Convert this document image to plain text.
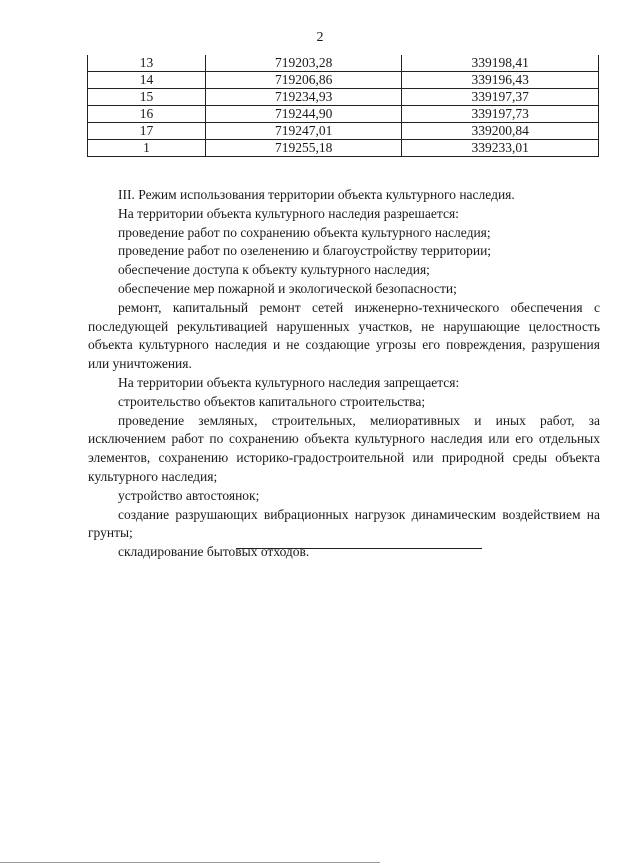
2
13	719203,28	339198,41
14	719206,86	339196,43
15	719234,93	339197,37
16	719244,90	339197,73
17	719247,01	339200,84
1	719255,18	339233,01

III. Режим использования территории объекта культурного наследия.

На территории объекта культурного наследия разрешается:

проведение работ по сохранению объекта культурного наследия;

проведение работ по озеленению и благоустройству территории;

обеспечение доступа к объекту культурного наследия;

обеспечение мер пожарной и экологической безопасности;

ремонт, капитальный ремонт сетей инженерно-технического обеспечения с последующей рекультивацией нарушенных участков, не нарушающие целостность объекта культурного наследия и не создающие угрозы его повреждения, разрушения или уничтожения.

На территории объекта культурного наследия запрещается:

строительство объектов капитального строительства;

проведение земляных, строительных, мелиоративных и иных работ, за исключением работ по сохранению объекта культурного наследия или его отдельных элементов, сохранению историко-градостроительной или природной среды объекта культурного наследия;

устройство автостоянок;

создание разрушающих вибрационных нагрузок динамическим воздействием на грунты;

складирование бытовых отходов.
